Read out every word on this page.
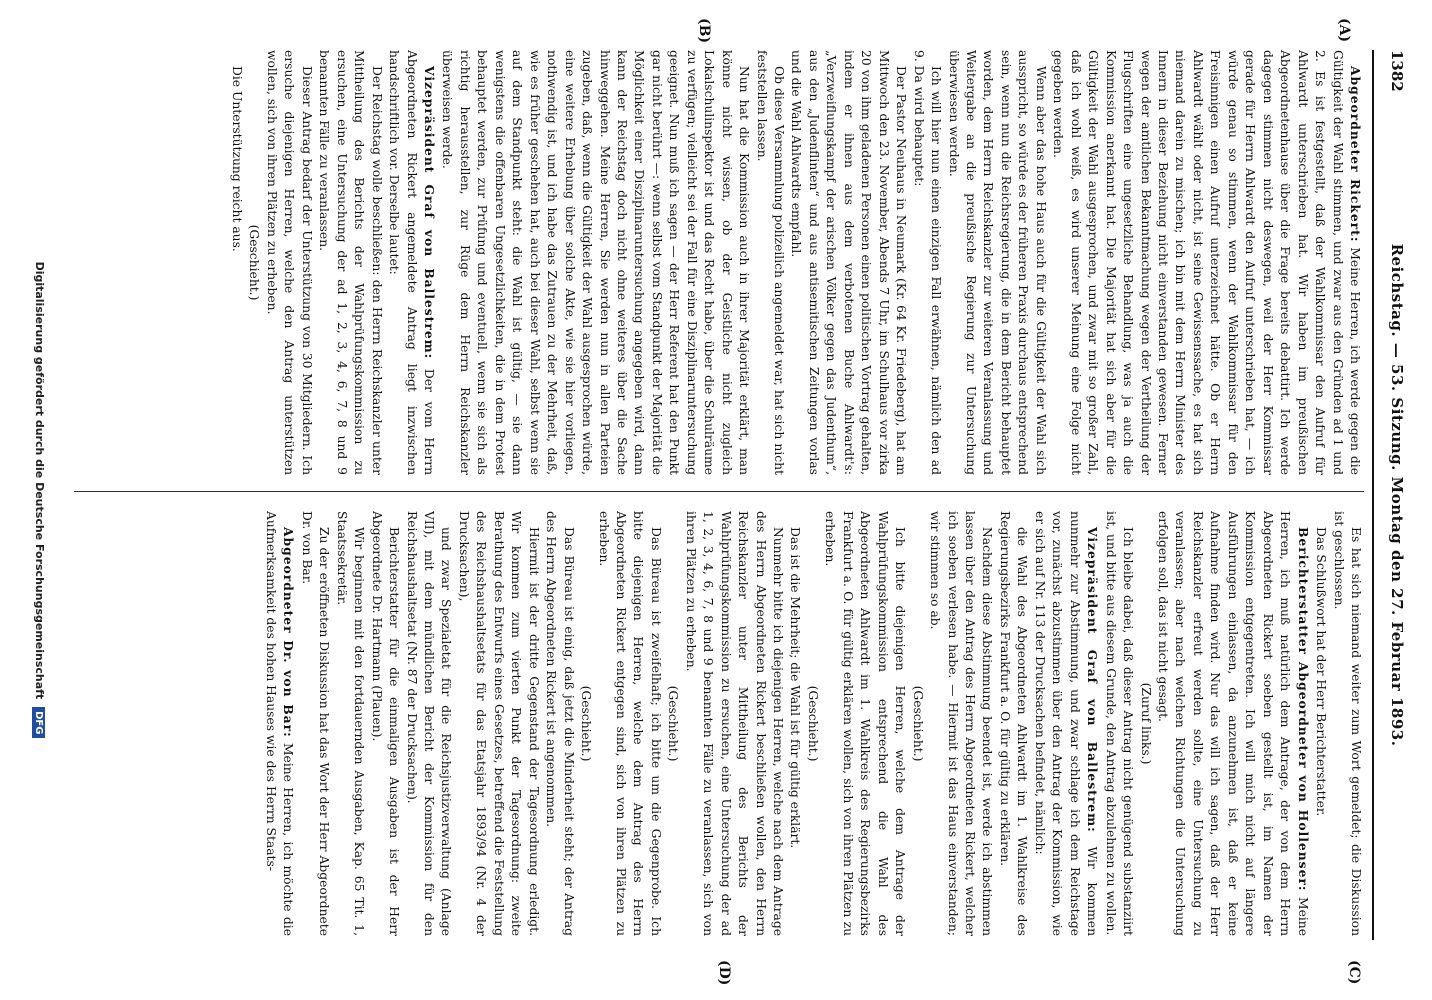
1382
Reichstag. — 53. Sitzung. Montag den 27. Februar 1893.
(A)
(B)
(C)
(D)

Abgeordneter Rickert: Meine Herren, ich werde gegen die Gültigkeit der Wahl stimmen, und zwar aus den Gründen ad 1 und 2. Es ist festgestellt, daß der Wahlkommissar den Aufruf für Ahlwardt unterschrieben hat. Wir haben im preußischen Abgeordnetenhause über die Frage bereits debattirt. Ich werde dagegen stimmen nicht deswegen, weil der Herr Kommissar gerade für Herrn Ahlwardt den Aufruf unterschrieben hat, — ich würde genau so stimmen, wenn der Wahlkommissar für den Freisinnigen einen Aufruf unterzeichnet hätte. Ob er Herrn Ahlwardt wählt oder nicht, ist seine Gewissenssache, es hat sich niemand darein zu mischen; ich bin mit dem Herrn Minister des Innern in dieser Beziehung nicht einverstanden gewesen. Ferner wegen der amtlichen Bekanntmachung wegen der Vertheilung der Flugschriften eine ungesetzliche Behandlung, was ja auch die Kommission anerkannt hat. Die Majorität hat sich aber für die Gültigkeit der Wahl ausgesprochen, und zwar mit so großer Zahl, daß ich wohl weiß, es wird unserer Meinung eine Folge nicht gegeben werden.

Wenn aber das hohe Haus auch für die Gültigkeit der Wahl sich ausspricht, so würde es der früheren Praxis durchaus entsprechend sein, wenn nun die Reichsregierung, die in dem Bericht behauptet worden, dem Herrn Reichskanzler zur weiteren Veranlassung und Weitergabe an die preußische Regierung zur Untersuchung überwiesen werden.

Ich will hier nun einen einzigen Fall erwähnen, nämlich den ad 9. Da wird behauptet:

Der Pastor Neuhaus in Neumark (Kr. 64 Kr. Friedeberg), hat am Mittwoch den 23. November, Abends 7 Uhr, im Schulhaus vor zirka 20 von ihm geladenen Personen einen politischen Vortrag gehalten, indem er ihnen aus dem verbotenen Buche Ahlwardt's: „Verzweiflungskampf der arischen Völker gegen das Judenthum“, aus den „Judenflinten“ und aus antisemitischen Zeitungen vorlas und die Wahl Ahlwardts empfahl.

Ob diese Versammlung polizeilich angemeldet war, hat sich nicht feststellen lassen.

Nun hat die Kommission auch in ihrer Majorität erklärt, man könne nicht wissen, ob der Geistliche nicht zugleich Lokalschulinspektor ist und das Recht habe, über die Schulräume zu verfügen; vielleicht sei der Fall für eine Disziplinaruntersuchung geeignet. Nun muß ich sagen — der Herr Referent hat den Punkt gar nicht berührt —: wenn selbst vom Standpunkt der Majorität die Möglichkeit einer Disziplinaruntersuchung angegeben wird, dann kann der Reichstag doch nicht ohne weiteres über die Sache hinweggehen. Meine Herren, Sie werden nun in allen Parteien zugeben, daß, wenn die Gültigkeit der Wahl ausgesprochen würde, eine weitere Erhebung über solche Akte, wie sie hier vorliegen, nothwendig ist, und ich habe das Zutrauen zu der Mehrheit, daß, wie es früher geschehen hat, auch bei dieser Wahl, selbst wenn sie auf dem Standpunkt steht: die Wahl ist gültig, — sie dann wenigstens die offenbaren Ungesetzlichkeiten, die in dem Protest behauptet werden, zur Prüfung und eventuell, wenn sie sich als richtig herausstellen, zur Rüge dem Herrn Reichskanzler überweisen werde.

Vizepräsident Graf von Ballestrem: Der vom Herrn Abgeordneten Rickert angemeldete Antrag liegt inzwischen handschriftlich vor. Derselbe lautet:

Der Reichstag wolle beschließen: den Herrn Reichskanzler unter Mittheilung des Berichts der Wahlprüfungskommission zu ersuchen, eine Untersuchung der ad 1, 2, 3, 4, 6, 7, 8 und 9 benannten Fälle zu veranlassen.

Dieser Antrag bedarf der Unterstützung von 30 Mitgliedern. Ich ersuche diejenigen Herren, welche den Antrag unterstützen wollen, sich von ihren Plätzen zu erheben.

(Geschieht.)

Die Unterstützung reicht aus.

Es hat sich niemand weiter zum Wort gemeldet; die Diskussion ist geschlossen.

Das Schlußwort hat der Herr Berichterstatter.

Berichterstatter Abgeordneter von Hollenser: Meine Herren, ich muß natürlich dem Antrage, der von dem Herrn Abgeordneten Rickert soeben gestellt ist, im Namen der Kommission entgegentreten. Ich will mich nicht auf längere Ausführungen einlassen, da anzunehmen ist, daß er keine Aufnahme finden wird. Nur das will ich sagen, daß der Herr Reichskanzler erfreut werden sollte, eine Untersuchung zu veranlassen; aber nach welchen Richtungen die Untersuchung erfolgen soll, das ist nicht gesagt.

(Zuruf links.)

Ich bleibe dabei, daß dieser Antrag nicht genügend substanziirt ist, und bitte aus diesem Grunde, den Antrag abzulehnen zu wollen.

Vizepräsident Graf von Ballestrem: Wir kommen nunmehr zur Abstimmung, und zwar schlage ich dem Reichstage vor, zunächst abzustimmen über den Antrag der Kommission, wie er sich auf Nr. 113 der Drucksachen befindet, nämlich:

die Wahl des Abgeordneten Ahlwardt im 1. Wahlkreise des Regierungsbezirks Frankfurt a. O. für gültig zu erklären.

Nachdem diese Abstimmung beendet ist, werde ich abstimmen lassen über den Antrag des Herrn Abgeordneten Rickert, welcher ich soeben verlesen habe. — Hiermit ist das Haus einverstanden; wir stimmen so ab.

(Geschieht.)

Ich bitte diejenigen Herren, welche dem Antrage der Wahlprüfungskommission entsprechend die Wahl des Abgeordneten Ahlwardt im 1. Wahlkreis des Regierungsbezirks Frankfurt a. O. für gültig erklären wollen, sich von ihren Plätzen zu erheben.

(Geschieht.)

Das ist die Mehrheit; die Wahl ist für gültig erklärt.

Nunmehr bitte ich diejenigen Herren, welche nach dem Antrage des Herrn Abgeordneten Rickert beschließen wollen, den Herrn Reichskanzler unter Mittheilung des Berichts der Wahlprüfungskommission zu ersuchen, eine Untersuchung der ad 1, 2, 3, 4, 6, 7, 8 und 9 benannten Fälle zu veranlassen, sich von ihren Plätzen zu erheben.

(Geschieht.)

Das Büreau ist zweifelhaft; ich bitte um die Gegenprobe. Ich bitte diejenigen Herren, welche dem Antrag des Herrn Abgeordneten Rickert entgegen sind, sich von ihren Plätzen zu erheben.

(Geschieht.)

Das Büreau ist einig, daß jetzt die Minderheit steht; der Antrag des Herrn Abgeordneten Rickert ist angenommen.

Hiermit ist der dritte Gegenstand der Tagesordnung erledigt. Wir kommen zum vierten Punkt der Tagesordnung: zweite Berathung des Entwurfs eines Gesetzes, betreffend die Feststellung des Reichshaushaltsetats für das Etatsjahr 1893/94 (Nr. 4 der Drucksachen),

und zwar Spezialetat für die Reichsjustizverwaltung (Anlage VII), mit dem mündlichen Bericht der Kommission für den Reichshaushaltsetat (Nr. 87 der Drucksachen).

Berichterstatter für die einmaligen Ausgaben ist der Herr Abgeordnete Dr. Hartmann (Plauen).

Wir beginnen mit den fortdauernden Ausgaben, Kap. 65 Tit. 1, Staatssekretär.

Zu der eröffneten Diskussion hat das Wort der Herr Abgeordnete Dr. von Bar.

Abgeordneter Dr. von Bar: Meine Herren, ich möchte die Aufmerksamkeit des hohen Hauses wie des Herrn Staats-

Digitalisierung gefördert durch die Deutsche Forschungsgemeinschaft DFG
